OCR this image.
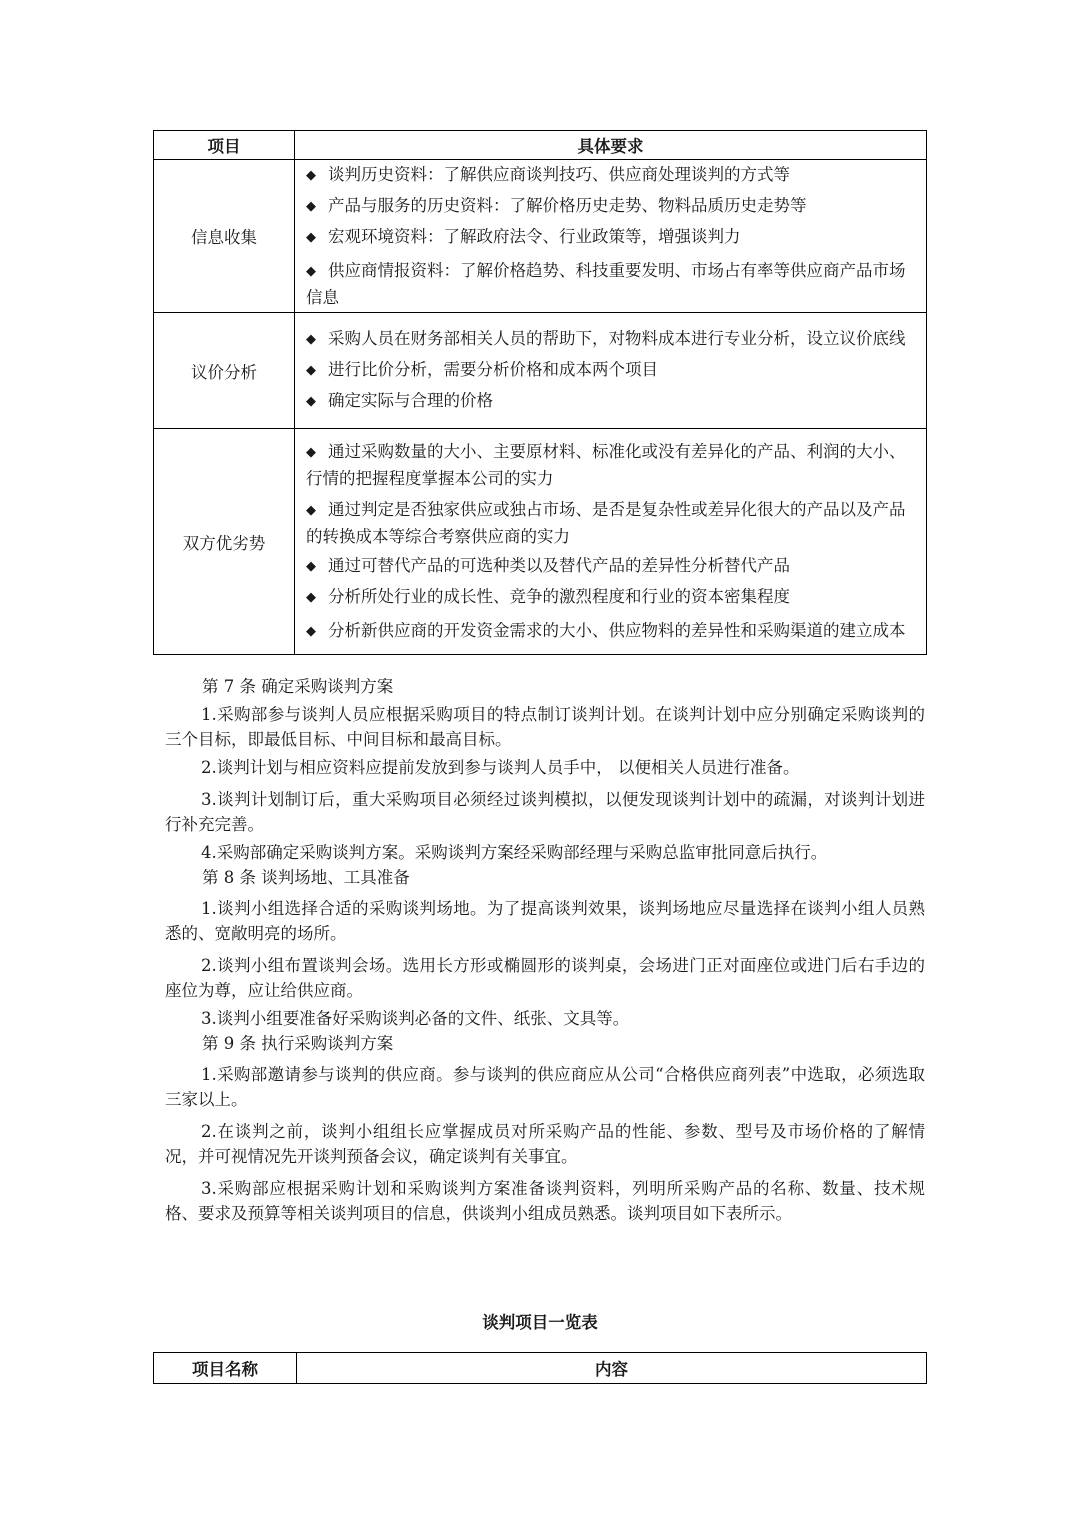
项目	具体要求
信息收集	◆ 谈判历史资料：了解供应商谈判技巧、供应商处理谈判的方式等

◆ 产品与服务的历史资料：了解价格历史走势、物料品质历史走势等

◆ 宏观环境资料：了解政府法令、行业政策等，增强谈判力

◆ 供应商情报资料：了解价格趋势、科技重要发明、市场占有率等供应商产品市场信息

议价分析	◆ 采购人员在财务部相关人员的帮助下，对物料成本进行专业分析，设立议价底线

◆ 进行比价分析，需要分析价格和成本两个项目

◆ 确定实际与合理的价格

双方优劣势	◆ 通过采购数量的大小、主要原材料、标准化或没有差异化的产品、利润的大小、行情的把握程度掌握本公司的实力

◆ 通过判定是否独家供应或独占市场、是否是复杂性或差异化很大的产品以及产品的转换成本等综合考察供应商的实力

◆ 通过可替代产品的可选种类以及替代产品的差异性分析替代产品

◆ 分析所处行业的成长性、竞争的激烈程度和行业的资本密集程度

◆ 分析新供应商的开发资金需求的大小、供应物料的差异性和采购渠道的建立成本

第 7 条 确定采购谈判方案

1.采购部参与谈判人员应根据采购项目的特点制订谈判计划。在谈判计划中应分别确定采购谈判的三个目标，即最低目标、中间目标和最高目标。

2.谈判计划与相应资料应提前发放到参与谈判人员手中， 以便相关人员进行准备。

3.谈判计划制订后，重大采购项目必须经过谈判模拟，以便发现谈判计划中的疏漏，对谈判计划进行补充完善。

4.采购部确定采购谈判方案。采购谈判方案经采购部经理与采购总监审批同意后执行。

第 8 条 谈判场地、工具准备

1.谈判小组选择合适的采购谈判场地。为了提高谈判效果，谈判场地应尽量选择在谈判小组人员熟悉的、宽敞明亮的场所。

2.谈判小组布置谈判会场。选用长方形或椭圆形的谈判桌，会场进门正对面座位或进门后右手边的座位为尊，应让给供应商。

3.谈判小组要准备好采购谈判必备的文件、纸张、文具等。

第 9 条 执行采购谈判方案

1.采购部邀请参与谈判的供应商。参与谈判的供应商应从公司“合格供应商列表”中选取，必须选取三家以上。

2.在谈判之前，谈判小组组长应掌握成员对所采购产品的性能、参数、型号及市场价格的了解情况，并可视情况先开谈判预备会议，确定谈判有关事宜。

3.采购部应根据采购计划和采购谈判方案准备谈判资料，列明所采购产品的名称、数量、技术规格、要求及预算等相关谈判项目的信息，供谈判小组成员熟悉。谈判项目如下表所示。

谈判项目一览表
项目名称	内容
